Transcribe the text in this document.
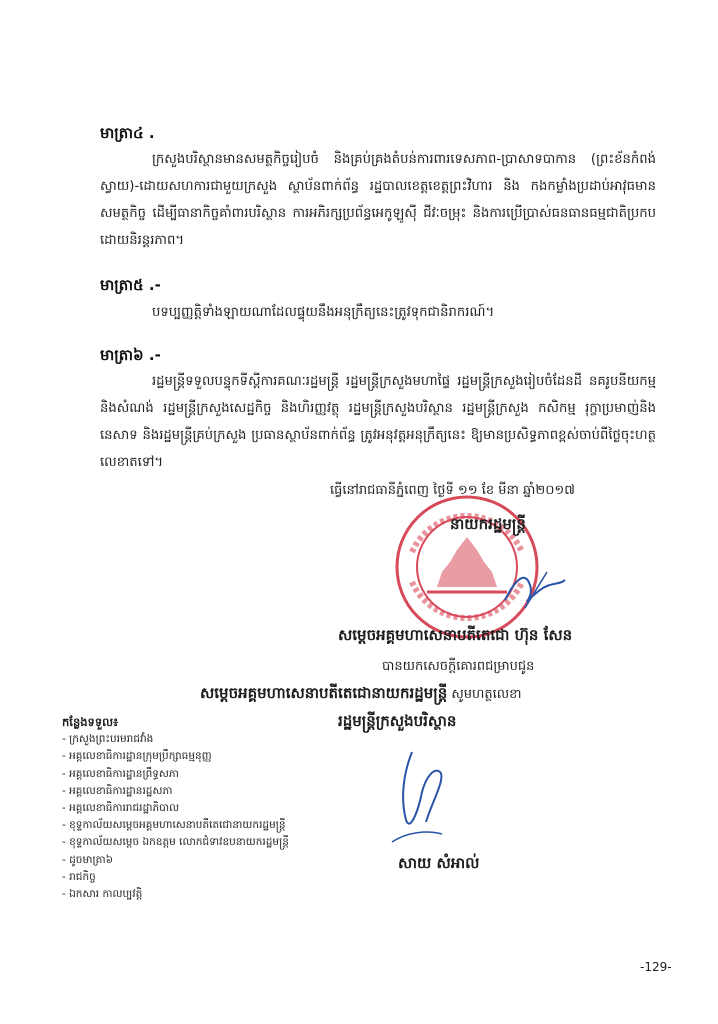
មាត្រា៤ .

ក្រសួងបរិស្ថានមានសមត្ថកិច្ចរៀបចំ និងគ្រប់គ្រងតំបន់ការពារទេសភាព-ប្រាសាទបាកាន (ព្រះខ័នកំពង់ស្វាយ)-ដោយសហការជាមួយក្រសួង ស្ថាប័នពាក់ព័ន្ធ រដ្ឋបាលខេត្តខេត្តព្រះវិហារ និង កងកម្លាំងប្រដាប់អាវុធមានសមត្ថកិច្ច ដើម្បីធានាកិច្ចគាំពារបរិស្ថាន ការអភិរក្សប្រព័ន្ធអេកូឡូស៊ី ជីវៈចម្រុះ និងការប្រើប្រាស់ធនធានធម្មជាតិប្រកបដោយនិរន្តរភាព។

មាត្រា៥ .-

បទប្បញ្ញត្តិទាំងឡាយណាដែលផ្ទុយនឹងអនុក្រឹត្យនេះត្រូវទុកជានិរាករណ៍។

មាត្រា៦ .-

រដ្ឋមន្ត្រីទទួលបន្ទុកទីស្តីការគណៈរដ្ឋមន្ត្រី រដ្ឋមន្ត្រីក្រសួងមហាផ្ទៃ រដ្ឋមន្ត្រីក្រសួងរៀបចំដែនដី នគរូបនីយកម្ម និងសំណង់ រដ្ឋមន្ត្រីក្រសួងសេដ្ឋកិច្ច និងហិរញ្ញវត្ថុ រដ្ឋមន្ត្រីក្រសួងបរិស្ថាន រដ្ឋមន្ត្រីក្រសួង កសិកម្ម រុក្ខាប្រមាញ់និងនេសាទ និងរដ្ឋមន្ត្រីគ្រប់ក្រសួង ប្រធានស្ថាប័នពាក់ព័ន្ធ ត្រូវអនុវត្តអនុក្រឹត្យនេះ ឱ្យមានប្រសិទ្ធភាពខ្ពស់ចាប់ពីថ្ងៃចុះហត្ថលេខាតទៅ។

ធ្វើនៅរាជធានីភ្នំពេញ ថ្ងៃទី ១១ ខែ មីនា ឆ្នាំ២០១៧
នាយករដ្ឋមន្ត្រី
សម្តេចអគ្គមហាសេនាបតីតេជោ ហ៊ុន សែន
បានយកសេចក្តីគោរពជម្រាបជូន
សម្តេចអគ្គមហាសេនាបតីតេជោនាយករដ្ឋមន្ត្រី សូមហត្ថលេខា
រដ្ឋមន្ត្រីក្រសួងបរិស្ថាន
កន្លែងទទួល៖
- ក្រសួងព្រះបរមរាជវាំង
- អគ្គលេខាធិការដ្ឋានក្រុមប្រឹក្សាធម្មនុញ្ញ
- អគ្គលេខាធិការដ្ឋានព្រឹទ្ធសភា
- អគ្គលេខាធិការដ្ឋានរដ្ឋសភា
- អគ្គលេខាធិការរាជរដ្ឋាភិបាល
- ខុទ្ទកាល័យសម្តេចអគ្គមហាសេនាបតីតេជោនាយករដ្ឋមន្ត្រី
- ខុទ្ទកាល័យសម្តេច ឯកឧត្តម លោកជំទាវឧបនាយករដ្ឋមន្ត្រី
- ដូចមាត្រា៦
- រាជកិច្ច
- ឯកសារ កាលប្បវត្តិ
សាយ សំអាល់
-129-
